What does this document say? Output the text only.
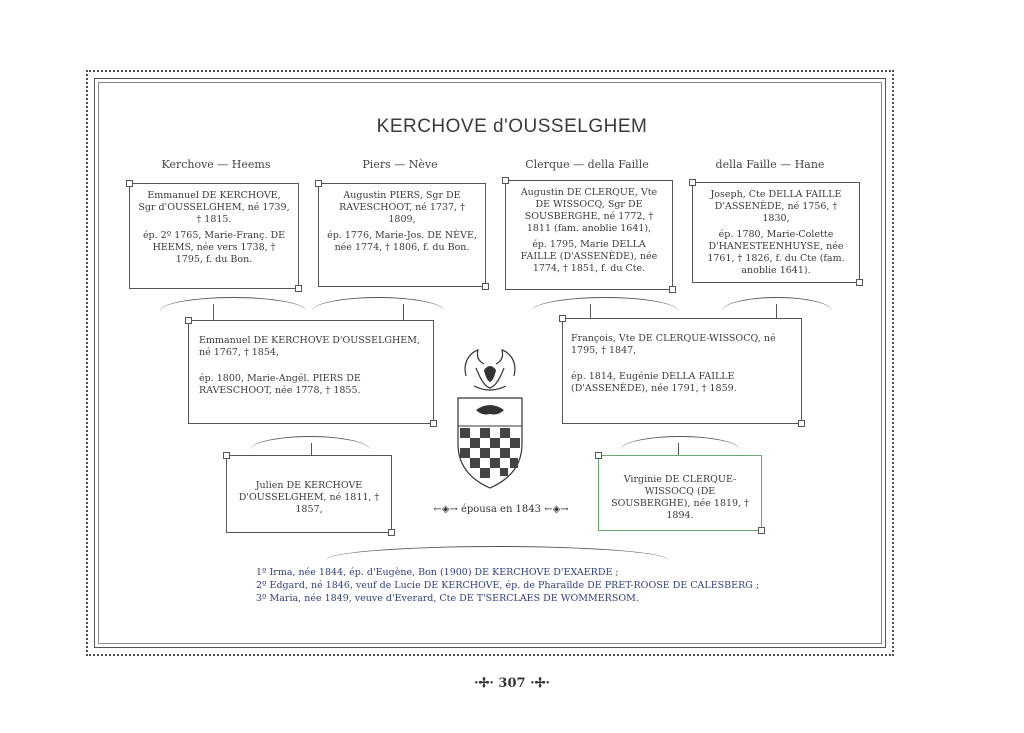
KERCHOVE d'OUSSELGHEM
Kerchove — Heems	Piers — Nève	Clerque — della Faille	della Faille — Hane

Emmanuel DE KERCHOVE, Sgr d'OUSSELGHEM, né 1739, † 1815.

ép. 2º 1765, Marie-Franç. DE HEEMS, née vers 1738, † 1795, f. du Bon.

Augustin PIERS, Sgr DE RAVESCHOOT, né 1737, † 1809,

ép. 1776, Marie-Jos. DE NÈVE, née 1774, † 1806, f. du Bon.

Augustin DE CLERQUE, Vte DE WISSOCQ, Sgr DE SOUSBERGHE, né 1772, † 1811 (fam. anoblie 1641),

ép. 1795, Marie DELLA FAILLE (D'ASSENÈDE), née 1774, † 1851, f. du Cte.

Joseph, Cte DELLA FAILLE D'ASSENÈDE, né 1756, † 1830,

ép. 1780, Marie-Colette D'HANESTEENHUYSE, née 1761, † 1826, f. du Cte (fam. anoblie 1641).

Emmanuel DE KERCHOVE D'OUSSELGHEM, né 1767, † 1854,

ép. 1800, Marie-Angél. PIERS DE RAVESCHOOT, née 1778, † 1855.

François, Vte DE CLERQUE-WISSOCQ, né 1795, † 1847,

ép. 1814, Eugénie DELLA FAILLE (D'ASSENÈDE), née 1791, † 1859.

Julien DE KERCHOVE D'OUSSELGHEM, né 1811, † 1857,

Virginie DE CLERQUE-WISSOCQ (DE SOUSBERGHE), née 1819, † 1894.

←◈→ épousa en 1843 ←◈→
1º Irma, née 1844, ép. d'Eugène, Bon (1900) DE KERCHOVE D'EXAERDE ;
2º Edgard, né 1846, veuf de Lucie DE KERCHOVE, ép. de Pharaïlde DE PRET-ROOSE DE CALESBERG ;
3º Maria, née 1849, veuve d'Everard, Cte DE T'SERCLAES DE WOMMERSOM.
·✢· 307 ·✢·
